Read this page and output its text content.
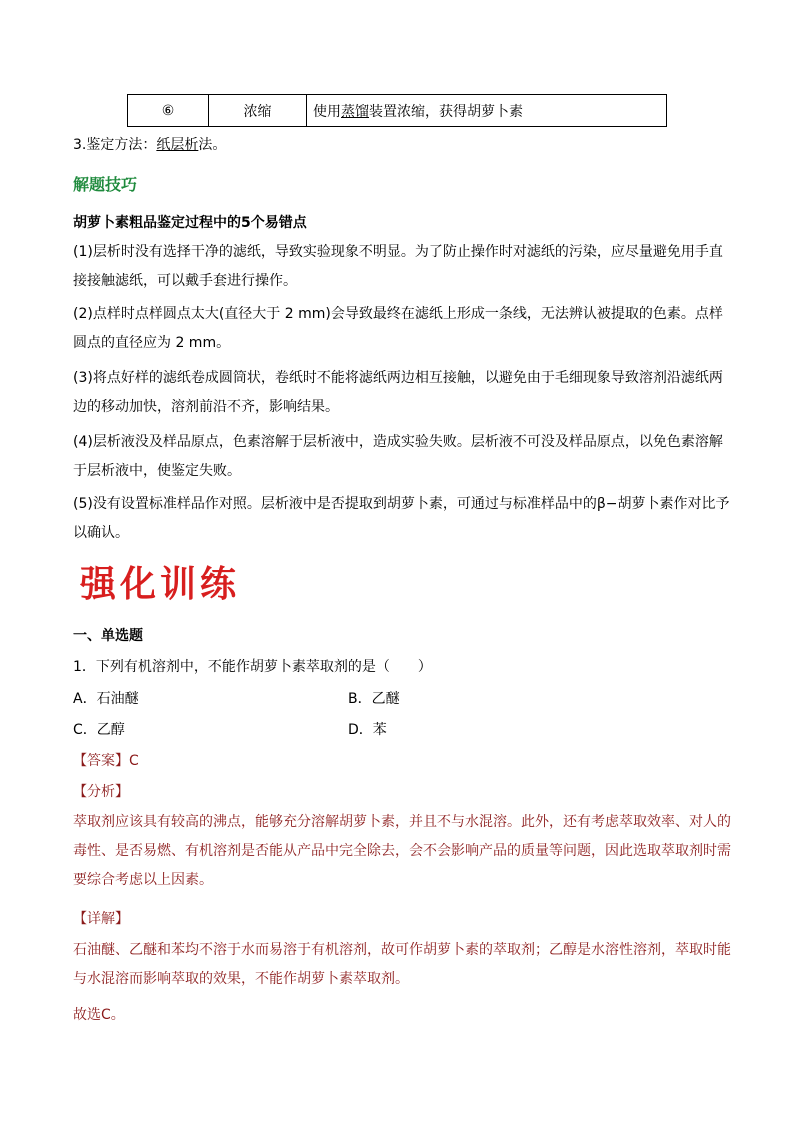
⑥	浓缩	使用 蒸馏 装置浓缩，获得胡萝卜素
3.鉴定方法：纸层析法。
解题技巧
胡萝卜素粗品鉴定过程中的5个易错点
(1)层析时没有选择干净的滤纸，导致实验现象不明显。为了防止操作时对滤纸的污染，应尽量避免用手直接接触滤纸，可以戴手套进行操作。
(2)点样时点样圆点太大(直径大于 2 mm)会导致最终在滤纸上形成一条线，无法辨认被提取的色素。点样圆点的直径应为 2 mm。
(3)将点好样的滤纸卷成圆筒状，卷纸时不能将滤纸两边相互接触，以避免由于毛细现象导致溶剂沿滤纸两边的移动加快，溶剂前沿不齐，影响结果。
(4)层析液没及样品原点，色素溶解于层析液中，造成实验失败。层析液不可没及样品原点，以免色素溶解于层析液中，使鉴定失败。
(5)没有设置标准样品作对照。层析液中是否提取到胡萝卜素，可通过与标准样品中的β−胡萝卜素作对比予以确认。
强化训练
一、单选题
1．下列有机溶剂中，不能作胡萝卜素萃取剂的是（　　）
A．石油醚	B．乙醚
C．乙醇	D．苯
【答案】C
【分析】
萃取剂应该具有较高的沸点，能够充分溶解胡萝卜素，并且不与水混溶。此外，还有考虑萃取效率、对人的毒性、是否易燃、有机溶剂是否能从产品中完全除去，会不会影响产品的质量等问题，因此选取萃取剂时需要综合考虑以上因素。
【详解】
石油醚、乙醚和苯均不溶于水而易溶于有机溶剂，故可作胡萝卜素的萃取剂；乙醇是水溶性溶剂，萃取时能与水混溶而影响萃取的效果，不能作胡萝卜素萃取剂。
故选C。
